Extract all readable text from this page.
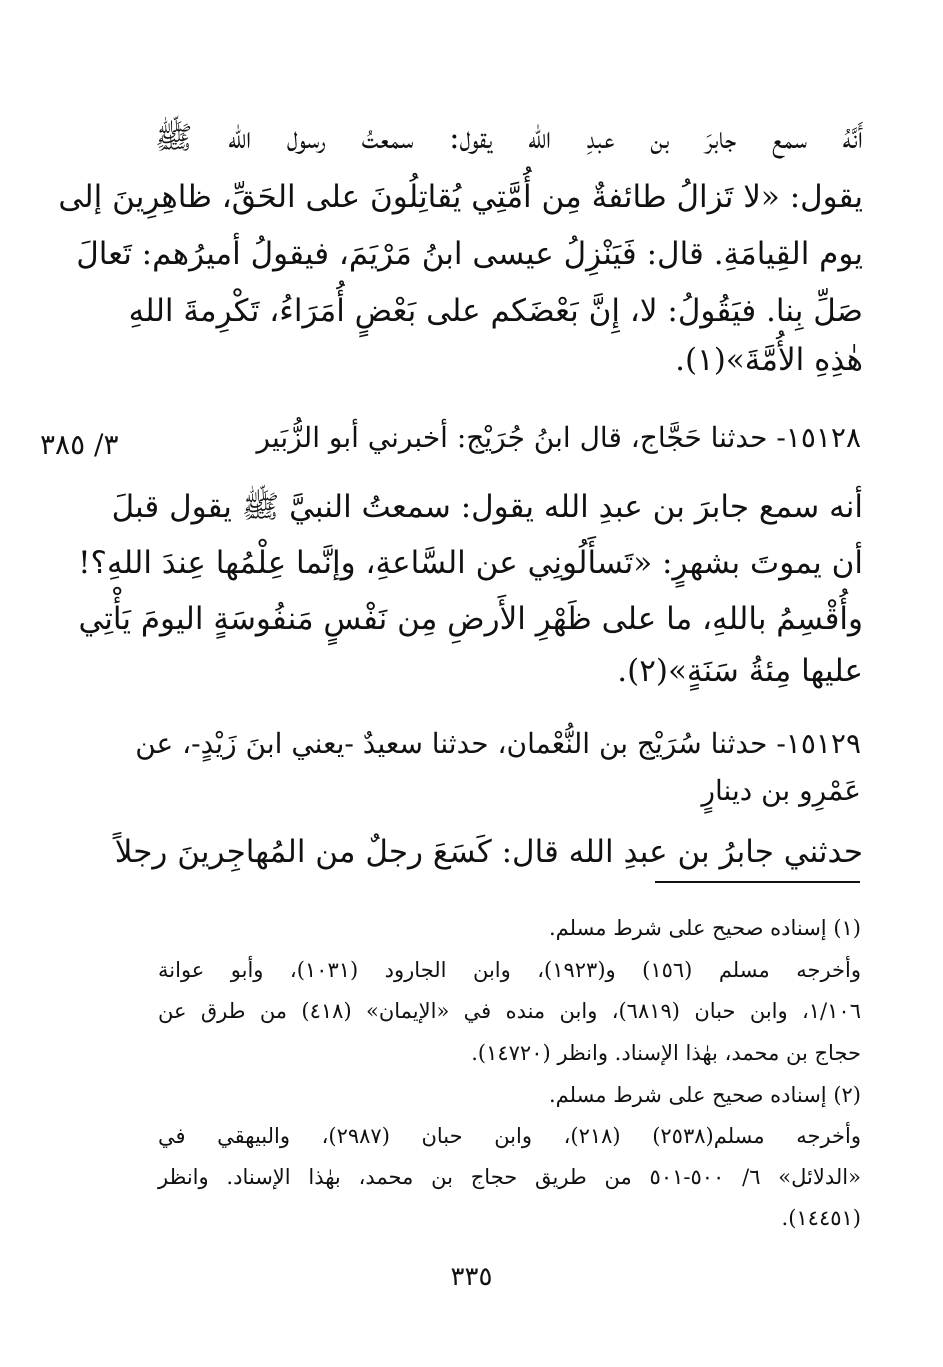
أَنَّهُ سمع جابرَ بن عبدِ الله يقول: سمعتُ رسول الله ﷺ
يقول: «لا تَزالُ طائفةٌ مِن أُمَّتِي يُقاتِلُونَ على الحَقِّ، ظاهِرِينَ إلى
يوم القِيامَةِ. قال: فَيَنْزِلُ عيسى ابنُ مَرْيَمَ، فيقولُ أميرُهم: تَعالَ
صَلِّ بِنا. فيَقُولُ: لا، إِنَّ بَعْضَكم على بَعْضٍ أُمَرَاءُ، تَكْرِمةَ اللهِ
هٰذِهِ الأُمَّةَ»(١).
١٥١٢٨- حدثنا حَجَّاج، قال ابنُ جُرَيْج: أخبرني أبو الزُّبَير
٣/ ٣٨٥
أنه سمع جابرَ بن عبدِ الله يقول: سمعتُ النبيَّ ﷺ يقول قبلَ
أن يموتَ بشهرٍ: «تَسأَلُونِي عن السَّاعةِ، وإنَّما عِلْمُها عِندَ اللهِ؟!
وأُقْسِمُ باللهِ، ما على ظَهْرِ الأَرضِ مِن نَفْسٍ مَنفُوسَةٍ اليومَ يَأْتِي
عليها مِئةُ سَنَةٍ»(٢).
١٥١٢٩- حدثنا سُرَيْج بن النُّعْمان، حدثنا سعيدٌ -يعني ابنَ زَيْدٍ-، عن
عَمْرِو بن دينارٍ
حدثني جابرُ بن عبدِ الله قال: كَسَعَ رجلٌ من المُهاجِرينَ رجلاً
(١) إسناده صحيح على شرط مسلم.
وأخرجه مسلم (١٥٦) و(١٩٢٣)، وابن الجارود (١٠٣١)، وأبو عوانة
١/١٠٦، وابن حبان (٦٨١٩)، وابن منده في «الإيمان» (٤١٨) من طرق عن
حجاج بن محمد، بهٰذا الإسناد. وانظر (١٤٧٢٠).
(٢) إسناده صحيح على شرط مسلم.
وأخرجه مسلم(٢٥٣٨) (٢١٨)، وابن حبان (٢٩٨٧)، والبيهقي في
«الدلائل» ٦/ ٥٠٠-٥٠١ من طريق حجاج بن محمد، بهٰذا الإسناد. وانظر
(١٤٤٥١).
٣٣٥
